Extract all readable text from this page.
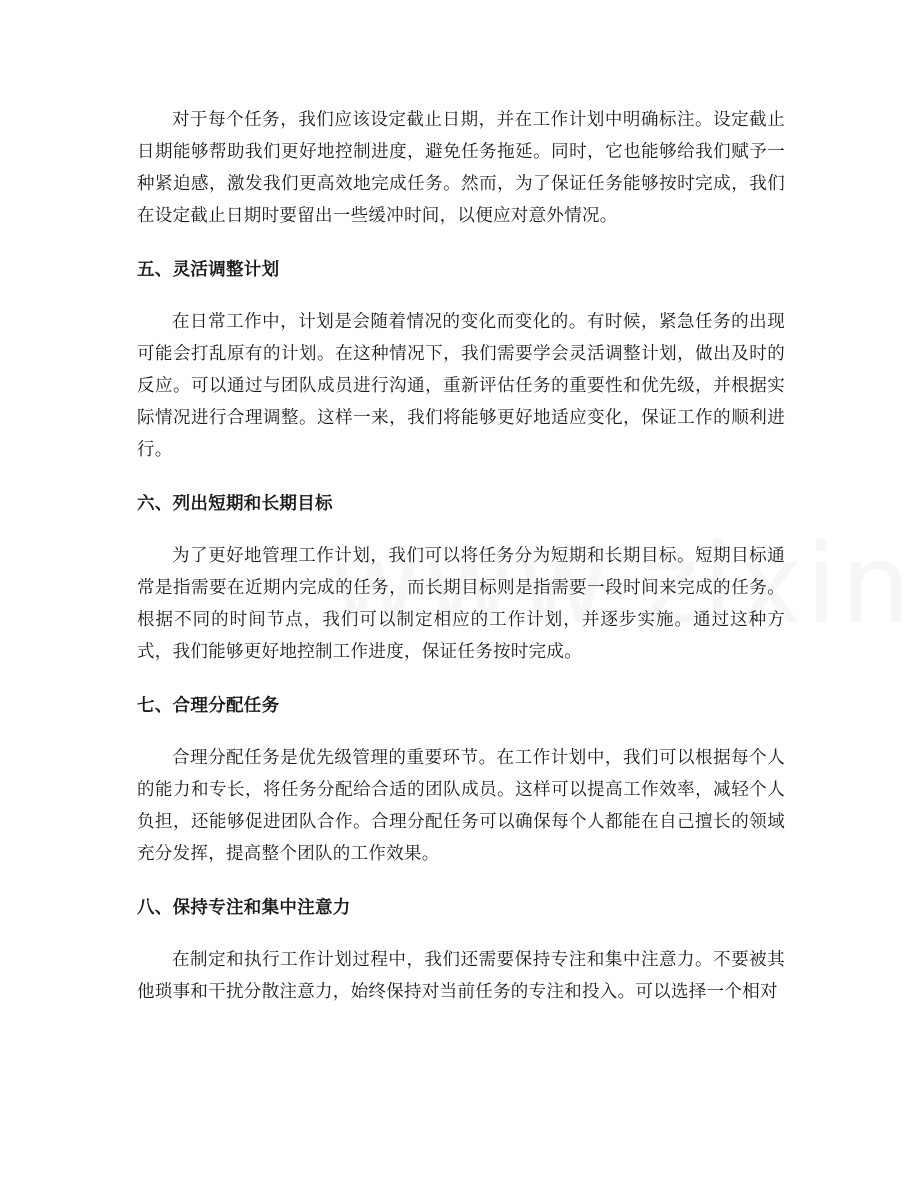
对于每个任务，我们应该设定截止日期，并在工作计划中明确标注。设定截止日期能够帮助我们更好地控制进度，避免任务拖延。同时，它也能够给我们赋予一种紧迫感，激发我们更高效地完成任务。然而，为了保证任务能够按时完成，我们在设定截止日期时要留出一些缓冲时间，以便应对意外情况。

五、灵活调整计划

在日常工作中，计划是会随着情况的变化而变化的。有时候，紧急任务的出现可能会打乱原有的计划。在这种情况下，我们需要学会灵活调整计划，做出及时的反应。可以通过与团队成员进行沟通，重新评估任务的重要性和优先级，并根据实际情况进行合理调整。这样一来，我们将能够更好地适应变化，保证工作的顺利进行。

六、列出短期和长期目标

为了更好地管理工作计划，我们可以将任务分为短期和长期目标。短期目标通常是指需要在近期内完成的任务，而长期目标则是指需要一段时间来完成的任务。根据不同的时间节点，我们可以制定相应的工作计划，并逐步实施。通过这种方式，我们能够更好地控制工作进度，保证任务按时完成。

七、合理分配任务

合理分配任务是优先级管理的重要环节。在工作计划中，我们可以根据每个人的能力和专长，将任务分配给合适的团队成员。这样可以提高工作效率，减轻个人负担，还能够促进团队合作。合理分配任务可以确保每个人都能在自己擅长的领域充分发挥，提高整个团队的工作效果。

八、保持专注和集中注意力

在制定和执行工作计划过程中，我们还需要保持专注和集中注意力。不要被其他琐事和干扰分散注意力，始终保持对当前任务的专注和投入。可以选择一个相对
